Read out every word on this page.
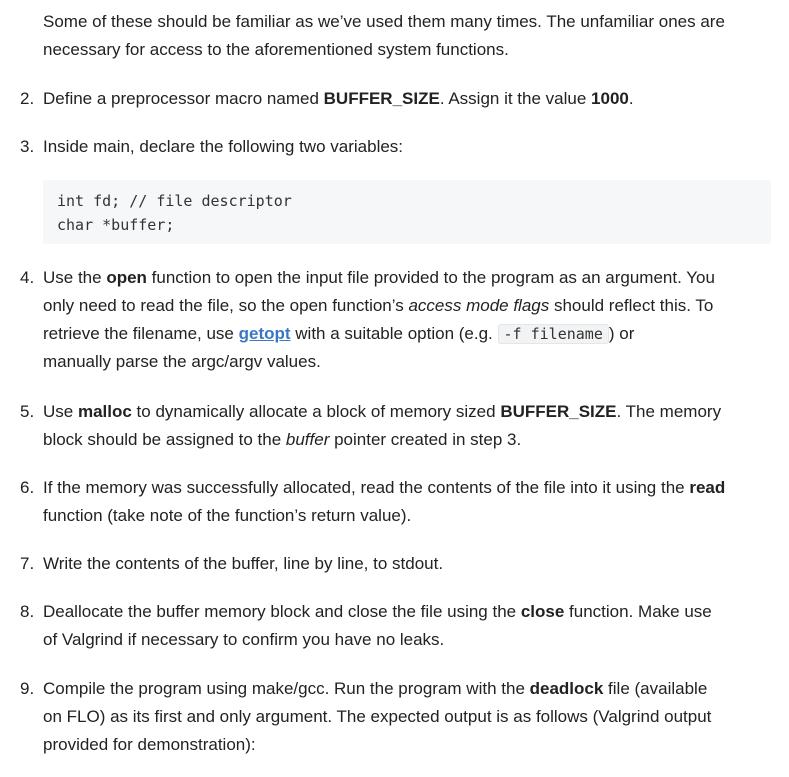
Some of these should be familiar as we’ve used them many times. The unfamiliar ones are
necessary for access to the aforementioned system functions.
2. Define a preprocessor macro named BUFFER_SIZE. Assign it the value 1000.
3. Inside main, declare the following two variables:
int fd; // file descriptor
char *buffer;
4. Use the open function to open the input file provided to the program as an argument. You
only need to read the file, so the open function’s access mode flags should reflect this. To
retrieve the filename, use getopt with a suitable option (e.g. -f filename ) or
manually parse the argc/argv values.
5. Use malloc to dynamically allocate a block of memory sized BUFFER_SIZE. The memory
block should be assigned to the buffer pointer created in step 3.
6. If the memory was successfully allocated, read the contents of the file into it using the read
function (take note of the function’s return value).
7. Write the contents of the buffer, line by line, to stdout.
8. Deallocate the buffer memory block and close the file using the close function. Make use
of Valgrind if necessary to confirm you have no leaks.
9. Compile the program using make/gcc. Run the program with the deadlock file (available
on FLO) as its first and only argument. The expected output is as follows (Valgrind output
provided for demonstration):
